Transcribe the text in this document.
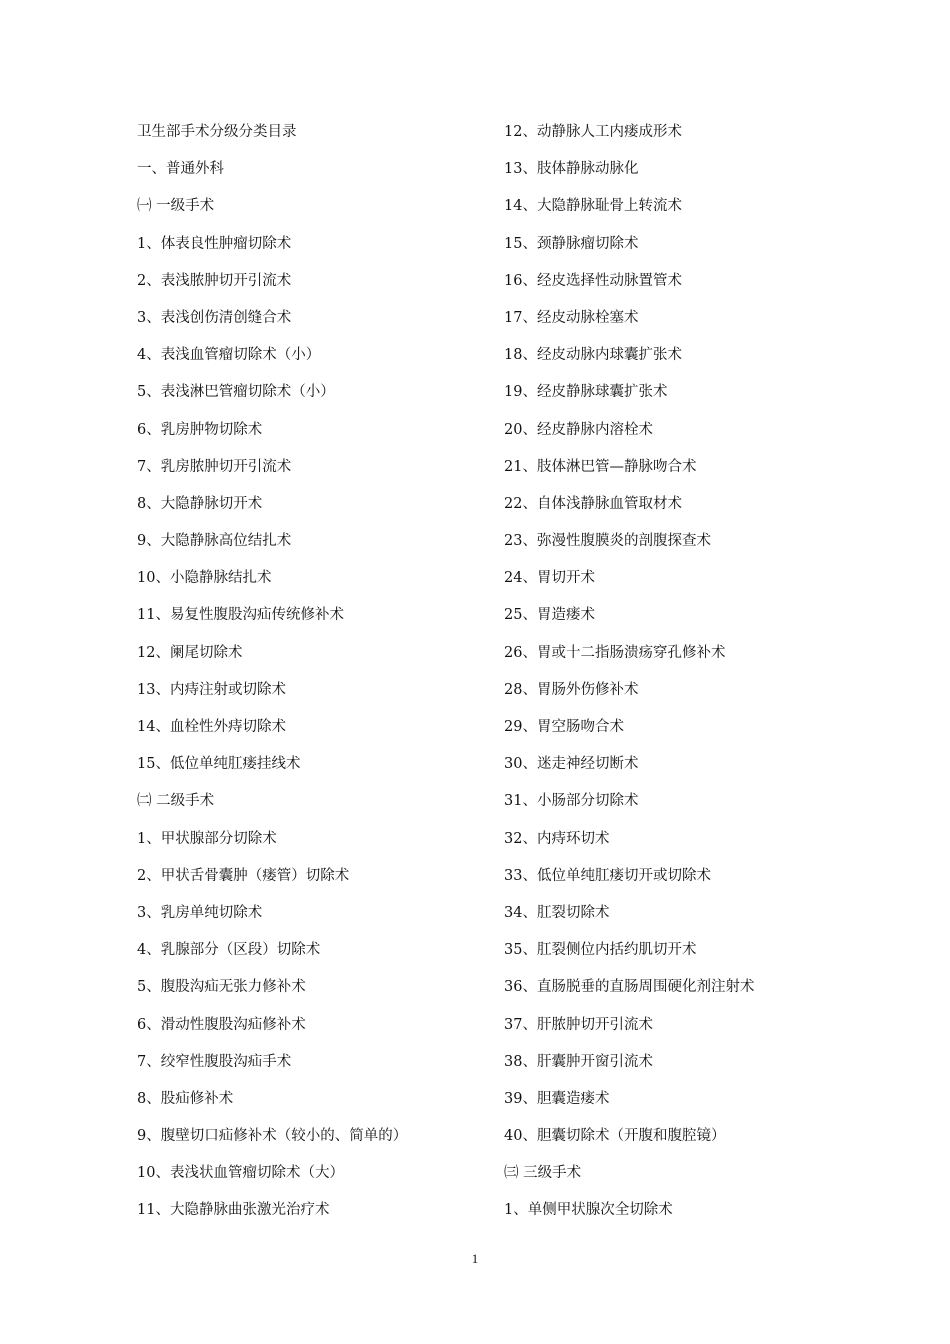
卫生部手术分级分类目录
一、普通外科
㈠ 一级手术
1、体表良性肿瘤切除术
2、表浅脓肿切开引流术
3、表浅创伤清创缝合术
4、表浅血管瘤切除术（小）
5、表浅淋巴管瘤切除术（小）
6、乳房肿物切除术
7、乳房脓肿切开引流术
8、大隐静脉切开术
9、大隐静脉高位结扎术
10、小隐静脉结扎术
11、易复性腹股沟疝传统修补术
12、阑尾切除术
13、内痔注射或切除术
14、血栓性外痔切除术
15、低位单纯肛瘘挂线术
㈡ 二级手术
1、甲状腺部分切除术
2、甲状舌骨囊肿（瘘管）切除术
3、乳房单纯切除术
4、乳腺部分（区段）切除术
5、腹股沟疝无张力修补术
6、滑动性腹股沟疝修补术
7、绞窄性腹股沟疝手术
8、股疝修补术
9、腹壁切口疝修补术（较小的、简单的）
10、表浅状血管瘤切除术（大）
11、大隐静脉曲张激光治疗术
12、动静脉人工内瘘成形术
13、肢体静脉动脉化
14、大隐静脉耻骨上转流术
15、颈静脉瘤切除术
16、经皮选择性动脉置管术
17、经皮动脉栓塞术
18、经皮动脉内球囊扩张术
19、经皮静脉球囊扩张术
20、经皮静脉内溶栓术
21、肢体淋巴管—静脉吻合术
22、自体浅静脉血管取材术
23、弥漫性腹膜炎的剖腹探查术
24、胃切开术
25、胃造瘘术
26、胃或十二指肠溃疡穿孔修补术
28、胃肠外伤修补术
29、胃空肠吻合术
30、迷走神经切断术
31、小肠部分切除术
32、内痔环切术
33、低位单纯肛瘘切开或切除术
34、肛裂切除术
35、肛裂侧位内括约肌切开术
36、直肠脱垂的直肠周围硬化剂注射术
37、肝脓肿切开引流术
38、肝囊肿开窗引流术
39、胆囊造瘘术
40、胆囊切除术（开腹和腹腔镜）
㈢ 三级手术
1、单侧甲状腺次全切除术
1
